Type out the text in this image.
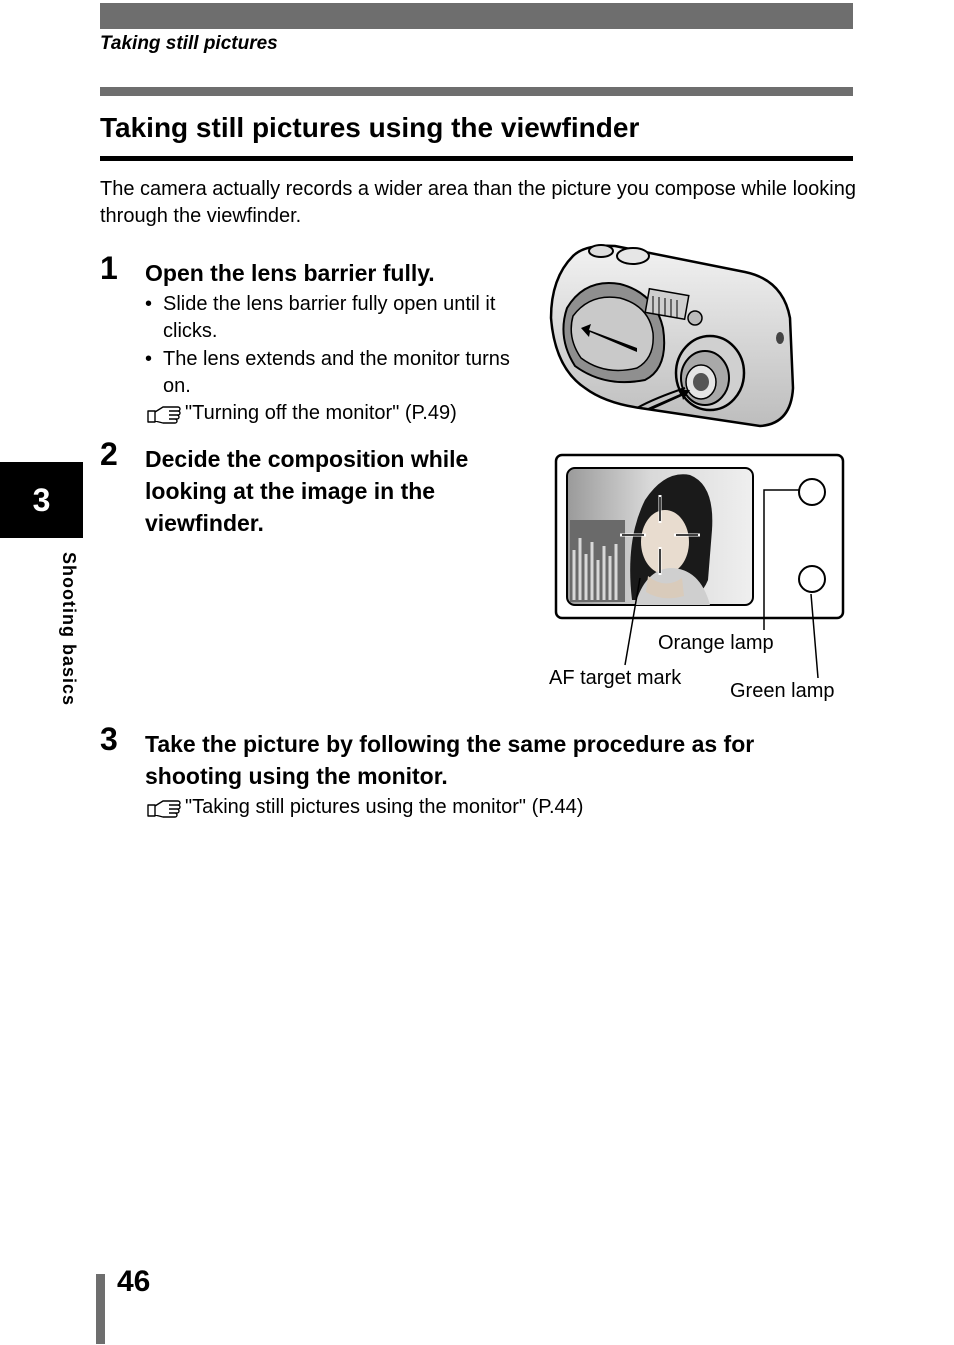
Taking still pictures
Taking still pictures using the viewfinder
The camera actually records a wider area than the picture you compose while looking through the viewfinder.
3
Shooting basics
1 Open the lens barrier fully.
• Slide the lens barrier fully open until it clicks.
• The lens extends and the monitor turns on.
"Turning off the monitor" (P.49)
2 Decide the composition while looking at the image in the viewfinder.
3 Take the picture by following the same procedure as for shooting using the monitor.
"Taking still pictures using the monitor" (P.44)
Orange lamp
AF target mark
Green lamp
46
